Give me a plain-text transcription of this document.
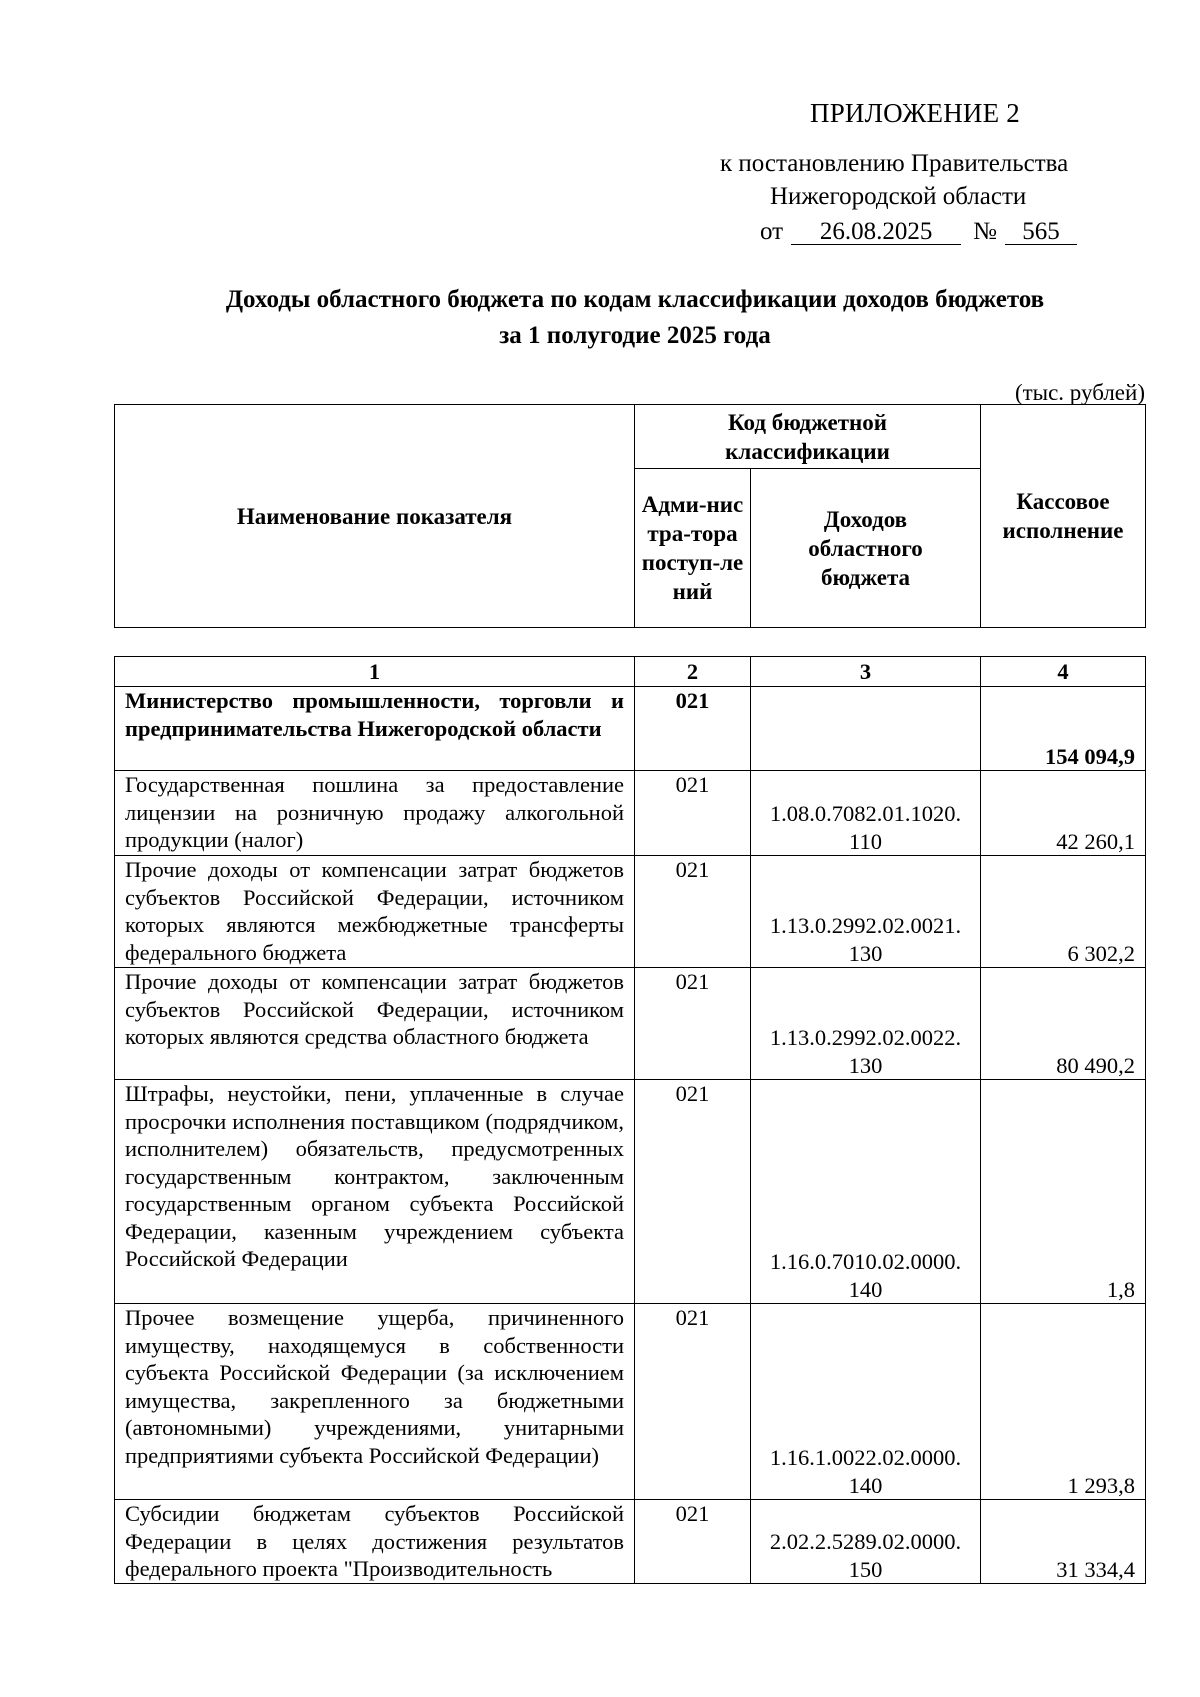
ПРИЛОЖЕНИЕ 2
к постановлению Правительства
Нижегородской области
от 26.08.2025 № 565
Доходы областного бюджета по кодам классификации доходов бюджетов
за 1 полугодие 2025 года
(тыс. рублей)
Наименование показателя	Код бюджетной классификации		Кассовое исполнение

	Адми-нистра-тора поступ-лений	Доходов областного бюджета	
1	2	3	4
Министерство промышленности, торговли и предпринимательства Нижегородской области	021		154 094,9
Государственная пошлина за предоставление лицензии на розничную продажу алкогольной продукции (налог)	021	1.08.0.7082.01.1020. 110	42 260,1
Прочие доходы от компенсации затрат бюджетов субъектов Российской Федерации, источником которых являются межбюджетные трансферты федерального бюджета	021	1.13.0.2992.02.0021. 130	6 302,2
Прочие доходы от компенсации затрат бюджетов субъектов Российской Федерации, источником которых являются средства областного бюджета	021	1.13.0.2992.02.0022. 130	80 490,2
Штрафы, неустойки, пени, уплаченные в случае просрочки исполнения поставщиком (подрядчиком, исполнителем) обязательств, предусмотренных государственным контрактом, заключенным государственным органом субъекта Российской Федерации, казенным учреждением субъекта Российской Федерации	021	1.16.0.7010.02.0000. 140	1,8
Прочее возмещение ущерба, причиненного имуществу, находящемуся в собственности субъекта Российской Федерации (за исключением имущества, закрепленного за бюджетными (автономными) учреждениями, унитарными предприятиями субъекта Российской Федерации)	021	1.16.1.0022.02.0000. 140	1 293,8
Субсидии бюджетам субъектов Российской Федерации в целях достижения результатов федерального проекта "Производительность	021	2.02.2.5289.02.0000. 150	31 334,4
